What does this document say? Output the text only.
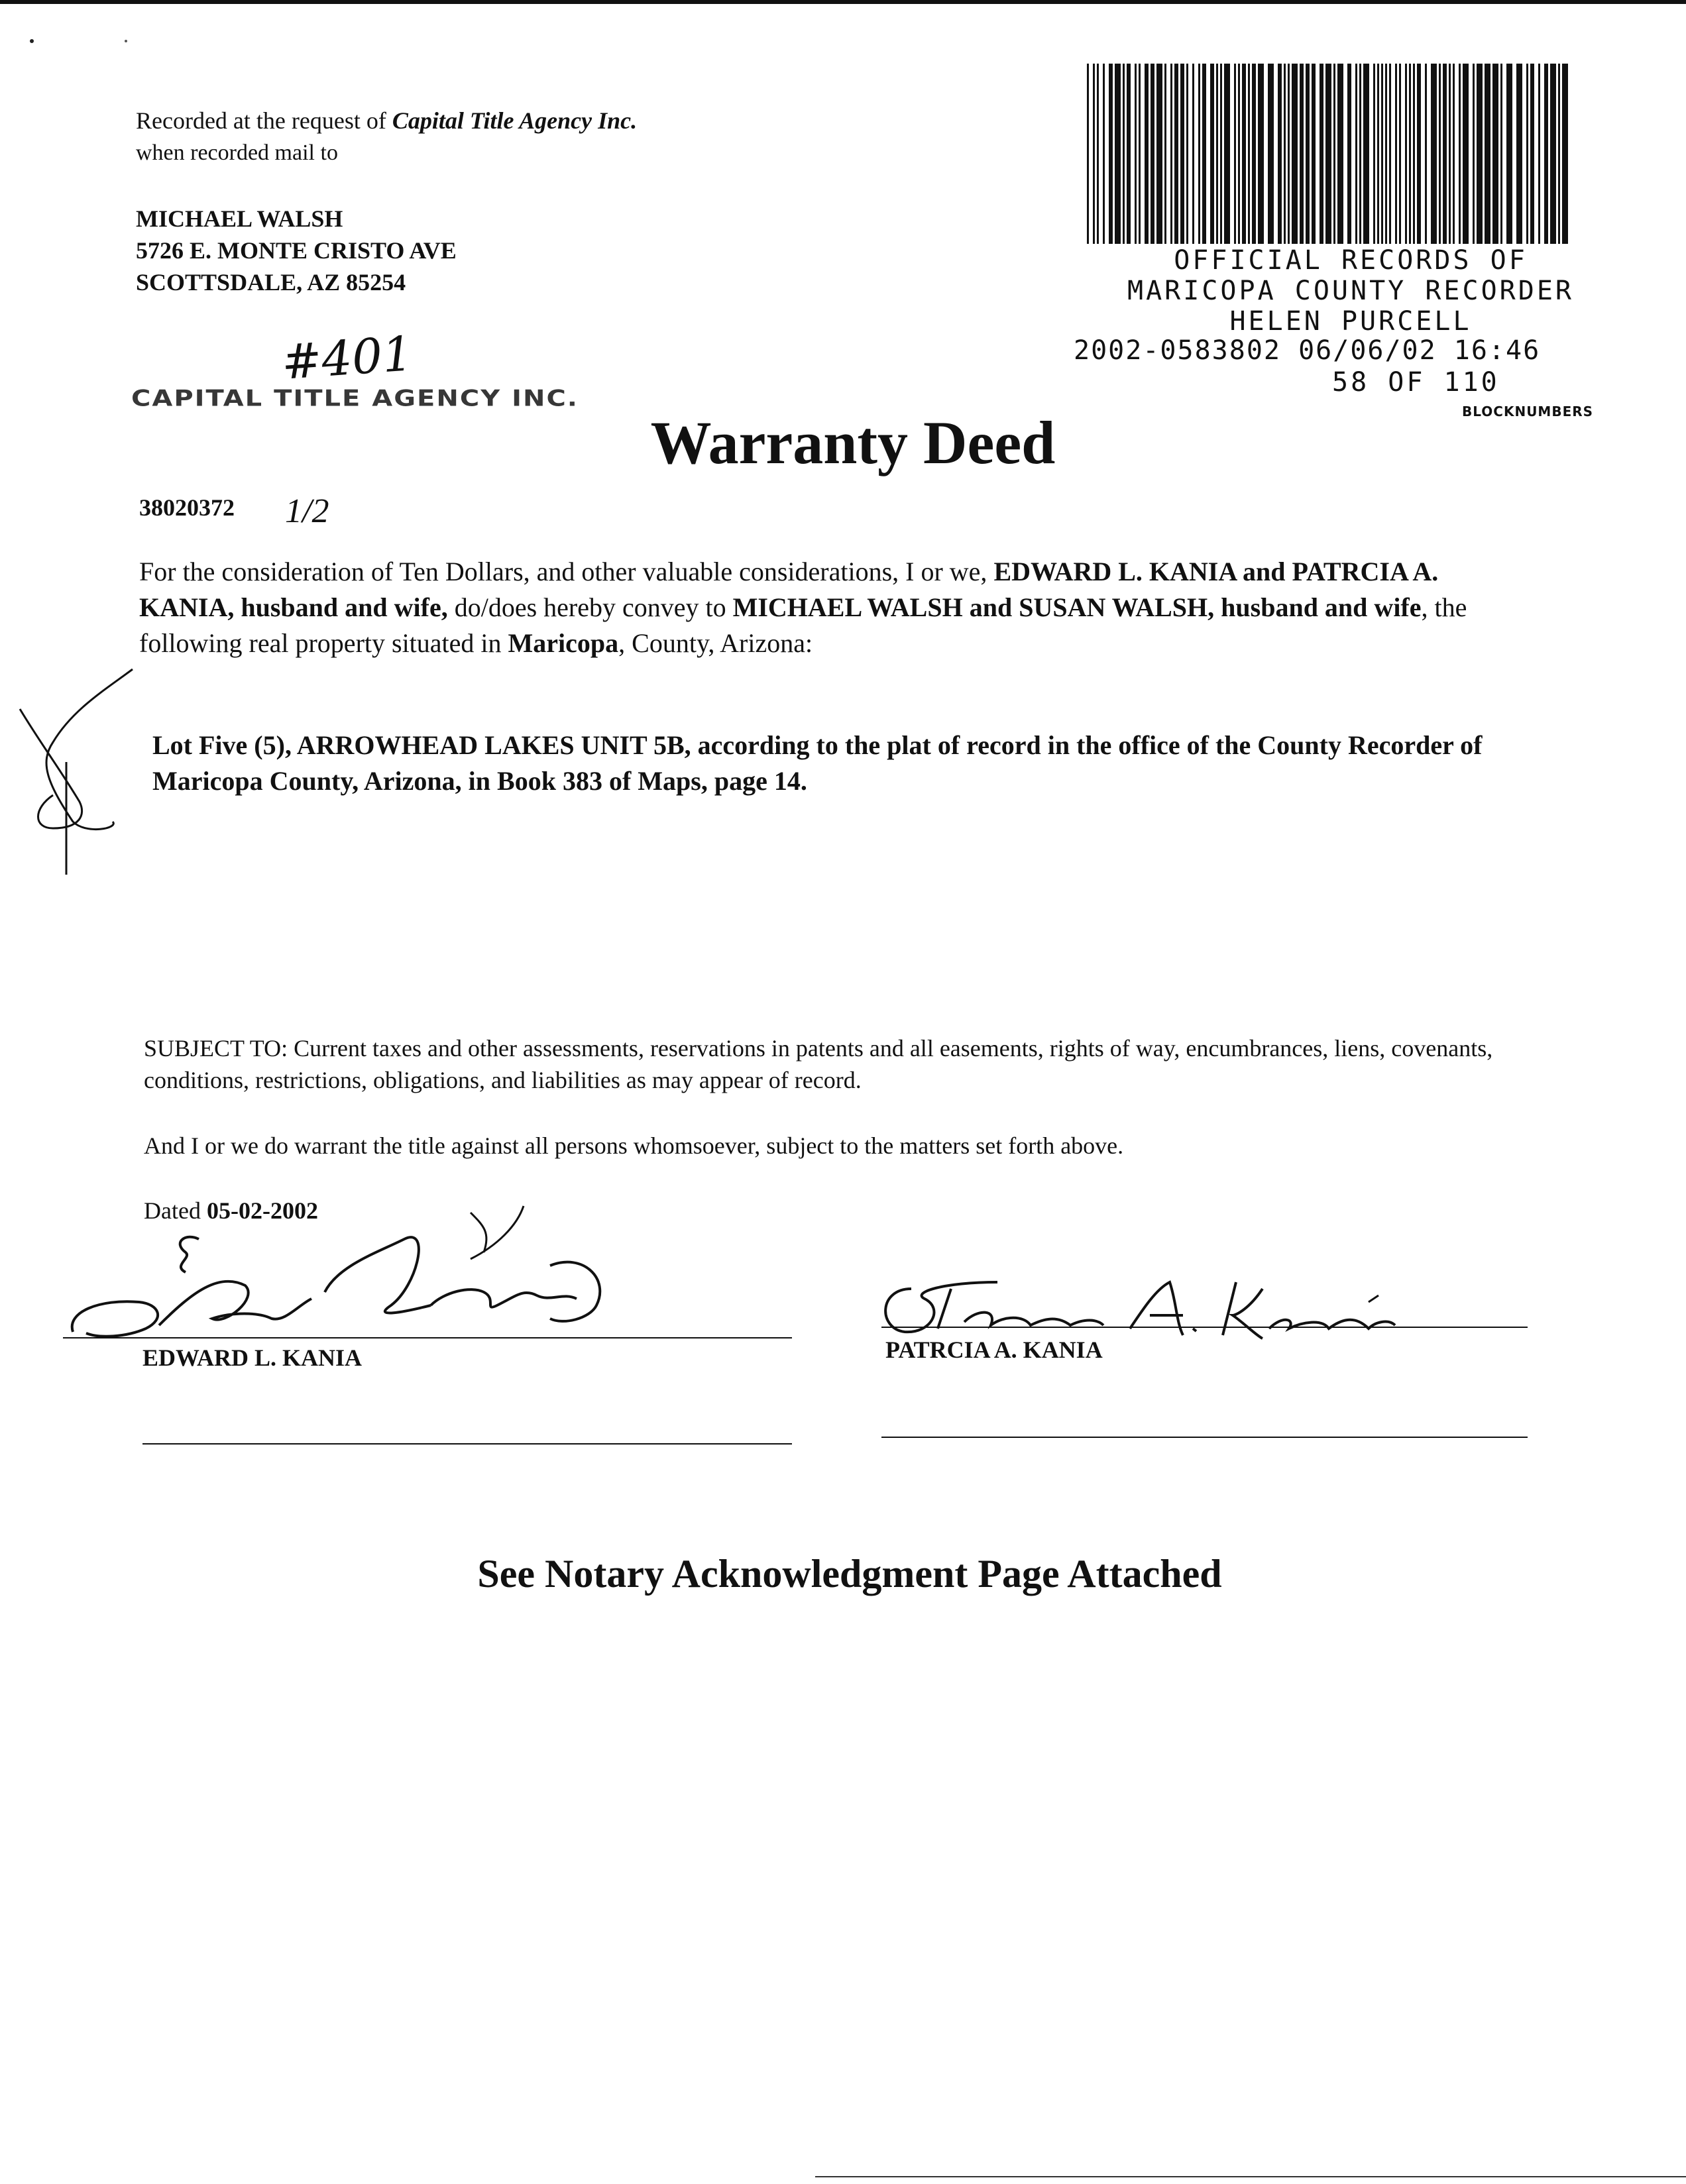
Recorded at the request of Capital Title Agency Inc.
when recorded mail to
MICHAEL WALSH
5726 E. MONTE CRISTO AVE
SCOTTSDALE, AZ 85254
#401
CAPITAL TITLE AGENCY INC.
OFFICIAL RECORDS OF
MARICOPA COUNTY RECORDER
HELEN PURCELL
2002-0583802 06/06/02 16:46
58 OF 110
BLOCKNUMBERS
Warranty Deed
38020372 1/2
For the consideration of Ten Dollars, and other valuable considerations, I or we, EDWARD L. KANIA and PATRCIA A. KANIA, husband and wife, do/does hereby convey to MICHAEL WALSH and SUSAN WALSH, husband and wife, the following real property situated in Maricopa, County, Arizona:
Lot Five (5), ARROWHEAD LAKES UNIT 5B, according to the plat of record in the office of the County Recorder of Maricopa County, Arizona, in Book 383 of Maps, page 14.
SUBJECT TO: Current taxes and other assessments, reservations in patents and all easements, rights of way, encumbrances, liens, covenants, conditions, restrictions, obligations, and liabilities as may appear of record.
And I or we do warrant the title against all persons whomsoever, subject to the matters set forth above.
Dated 05-02-2002
EDWARD L. KANIA	PATRCIA A. KANIA
See Notary Acknowledgment Page Attached
